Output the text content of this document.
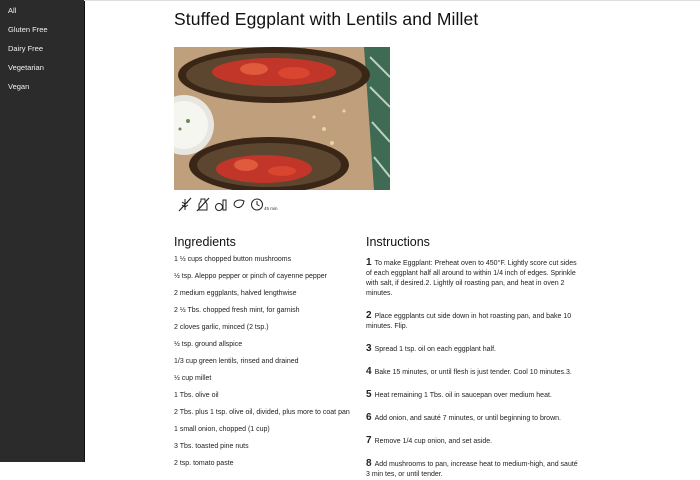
All
Gluten Free
Dairy Free
Vegetarian
Vegan
Stuffed Eggplant with Lentils and Millet
45 min
Ingredients
1 ½ cups chopped button mushrooms
½ tsp. Aleppo pepper or pinch of cayenne pepper
2 medium eggplants, halved lengthwise
2 ½ Tbs. chopped fresh mint, for garnish
2 cloves garlic, minced (2 tsp.)
½ tsp. ground allspice
1/3 cup green lentils, rinsed and drained
½ cup millet
1 Tbs. olive oil
2 Tbs. plus 1 tsp. olive oil, divided, plus more to coat pan
1 small onion, chopped (1 cup)
3 Tbs. toasted pine nuts
2 tsp. tomato paste
Instructions
1 To make Eggplant: Preheat oven to 450°F. Lightly score cut sides of each eggplant half all around to within 1/4 inch of edges. Sprinkle with salt, if desired.2. Lightly oil roasting pan, and heat in oven 2 minutes.
2 Place eggplants cut side down in hot roasting pan, and bake 10 minutes. Flip.
3 Spread 1 tsp. oil on each eggplant half.
4 Bake 15 minutes, or until flesh is just tender. Cool 10 minutes.3.
5 Heat remaining 1 Tbs. oil in saucepan over medium heat.
6 Add onion, and sauté 7 minutes, or until beginning to brown.
7 Remove 1/4 cup onion, and set aside.
8 Add mushrooms to pan, increase heat to medium-high, and sauté 3 min tes, or until tender.
